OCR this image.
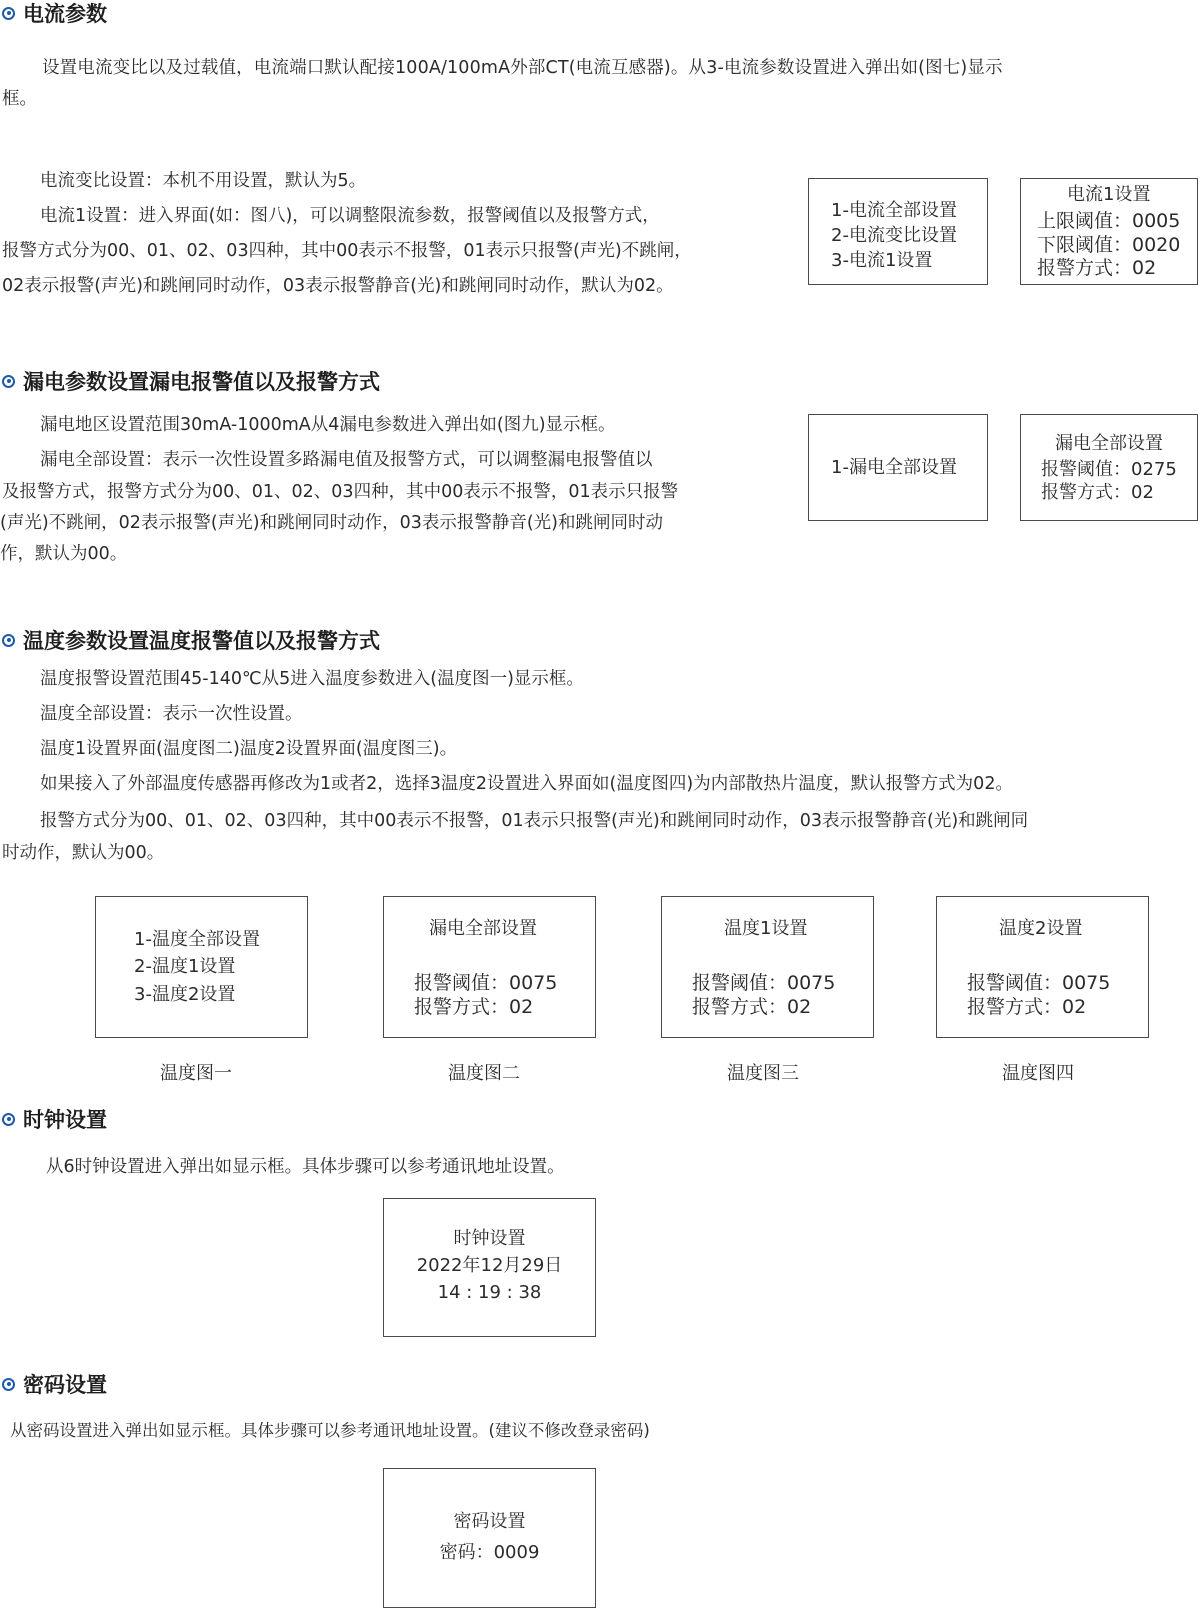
电流参数
设置电流变比以及过载值，电流端口默认配接100A/100mA外部CT(电流互感器)。从3-电流参数设置进入弹出如(图七)显示
框。
电流变比设置：本机不用设置，默认为5。
电流1设置：进入界面(如：图八)，可以调整限流参数，报警阈值以及报警方式，
报警方式分为00、01、02、03四种，其中00表示不报警，01表示只报警(声光)不跳闸，
02表示报警(声光)和跳闸同时动作，03表示报警静音(光)和跳闸同时动作，默认为02。
1-电流全部设置
2-电流变比设置
3-电流1设置
电流1设置
上限阈值：0005
下限阈值：0020
报警方式：02
漏电参数设置漏电报警值以及报警方式
漏电地区设置范围30mA-1000mA从4漏电参数进入弹出如(图九)显示框。
漏电全部设置：表示一次性设置多路漏电值及报警方式，可以调整漏电报警值以
及报警方式，报警方式分为00、01、02、03四种，其中00表示不报警，01表示只报警
(声光)不跳闸，02表示报警(声光)和跳闸同时动作，03表示报警静音(光)和跳闸同时动
作，默认为00。
1-漏电全部设置
漏电全部设置
报警阈值：0275
报警方式：02
温度参数设置温度报警值以及报警方式
温度报警设置范围45-140℃从5进入温度参数进入(温度图一)显示框。
温度全部设置：表示一次性设置。
温度1设置界面(温度图二)温度2设置界面(温度图三)。
如果接入了外部温度传感器再修改为1或者2，选择3温度2设置进入界面如(温度图四)为内部散热片温度，默认报警方式为02。
报警方式分为00、01、02、03四种，其中00表示不报警，01表示只报警(声光)和跳闸同时动作，03表示报警静音(光)和跳闸同
时动作，默认为00。
1-温度全部设置
2-温度1设置
3-温度2设置
漏电全部设置
报警阈值：0075
报警方式：02
温度1设置
报警阈值：0075
报警方式：02
温度2设置
报警阈值：0075
报警方式：02
温度图一	温度图二	温度图三	温度图四
时钟设置
从6时钟设置进入弹出如显示框。具体步骤可以参考通讯地址设置。
时钟设置
2022年12月29日
14 : 19 : 38
密码设置
从密码设置进入弹出如显示框。具体步骤可以参考通讯地址设置。(建议不修改登录密码)
密码设置
密码：0009
